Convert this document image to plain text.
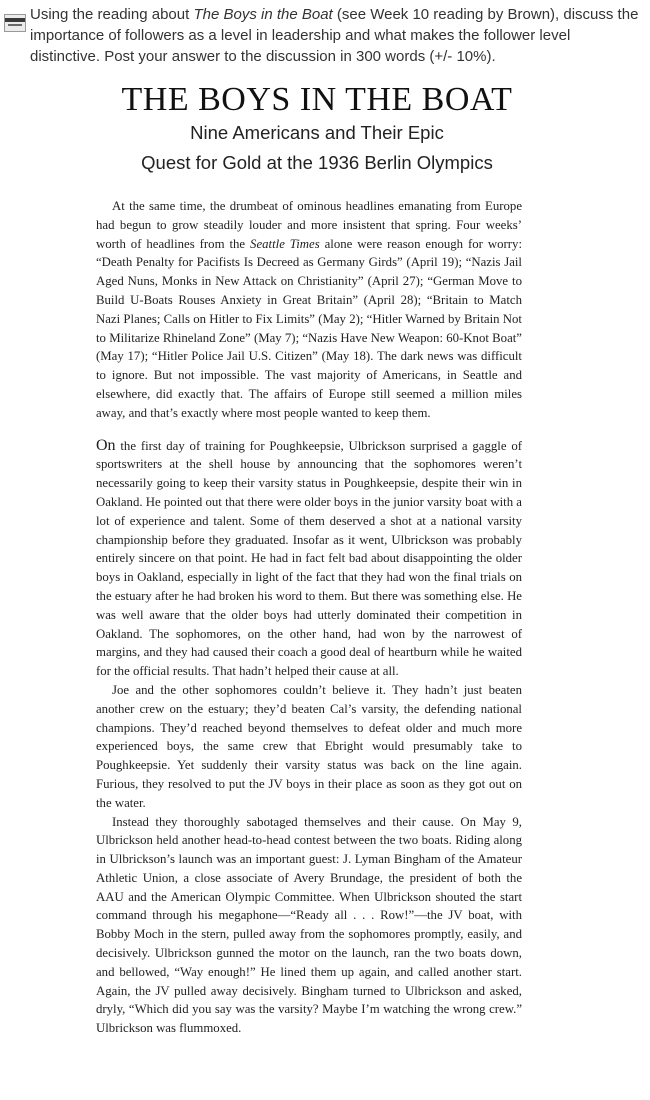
Using the reading about The Boys in the Boat (see Week 10 reading by Brown), discuss the importance of followers as a level in leadership and what makes the follower level distinctive. Post your answer to the discussion in 300 words (+/- 10%).
THE BOYS IN THE BOAT
Nine Americans and Their Epic
Quest for Gold at the 1936 Berlin Olympics

At the same time, the drumbeat of ominous headlines emanating from Europe had begun to grow steadily louder and more insistent that spring. Four weeks’ worth of headlines from the Seattle Times alone were reason enough for worry: “Death Penalty for Pacifists Is Decreed as Germany Girds” (April 19); “Nazis Jail Aged Nuns, Monks in New Attack on Christianity” (April 27); “German Move to Build U-Boats Rouses Anxiety in Great Britain” (April 28); “Britain to Match Nazi Planes; Calls on Hitler to Fix Limits” (May 2); “Hitler Warned by Britain Not to Militarize Rhineland Zone” (May 7); “Nazis Have New Weapon: 60-Knot Boat” (May 17); “Hitler Police Jail U.S. Citizen” (May 18). The dark news was difficult to ignore. But not impossible. The vast majority of Americans, in Seattle and elsewhere, did exactly that. The affairs of Europe still seemed a million miles away, and that’s exactly where most people wanted to keep them.

On the first day of training for Poughkeepsie, Ulbrickson surprised a gaggle of sportswriters at the shell house by announcing that the sophomores weren’t necessarily going to keep their varsity status in Poughkeepsie, despite their win in Oakland. He pointed out that there were older boys in the junior varsity boat with a lot of experience and talent. Some of them deserved a shot at a national varsity championship before they graduated. Insofar as it went, Ulbrickson was probably entirely sincere on that point. He had in fact felt bad about disappointing the older boys in Oakland, especially in light of the fact that they had won the final trials on the estuary after he had broken his word to them. But there was something else. He was well aware that the older boys had utterly dominated their competition in Oakland. The sophomores, on the other hand, had won by the narrowest of margins, and they had caused their coach a good deal of heartburn while he waited for the official results. That hadn’t helped their cause at all.

Joe and the other sophomores couldn’t believe it. They hadn’t just beaten another crew on the estuary; they’d beaten Cal’s varsity, the defending national champions. They’d reached beyond themselves to defeat older and much more experienced boys, the same crew that Ebright would presumably take to Poughkeepsie. Yet suddenly their varsity status was back on the line again. Furious, they resolved to put the JV boys in their place as soon as they got out on the water.

Instead they thoroughly sabotaged themselves and their cause. On May 9, Ulbrickson held another head-to-head contest between the two boats. Riding along in Ulbrickson’s launch was an important guest: J. Lyman Bingham of the Amateur Athletic Union, a close associate of Avery Brundage, the president of both the AAU and the American Olympic Committee. When Ulbrickson shouted the start command through his megaphone—“Ready all . . . Row!”—the JV boat, with Bobby Moch in the stern, pulled away from the sophomores promptly, easily, and decisively. Ulbrickson gunned the motor on the launch, ran the two boats down, and bellowed, “Way enough!” He lined them up again, and called another start. Again, the JV pulled away decisively. Bingham turned to Ulbrickson and asked, dryly, “Which did you say was the varsity? Maybe I’m watching the wrong crew.” Ulbrickson was flummoxed.
